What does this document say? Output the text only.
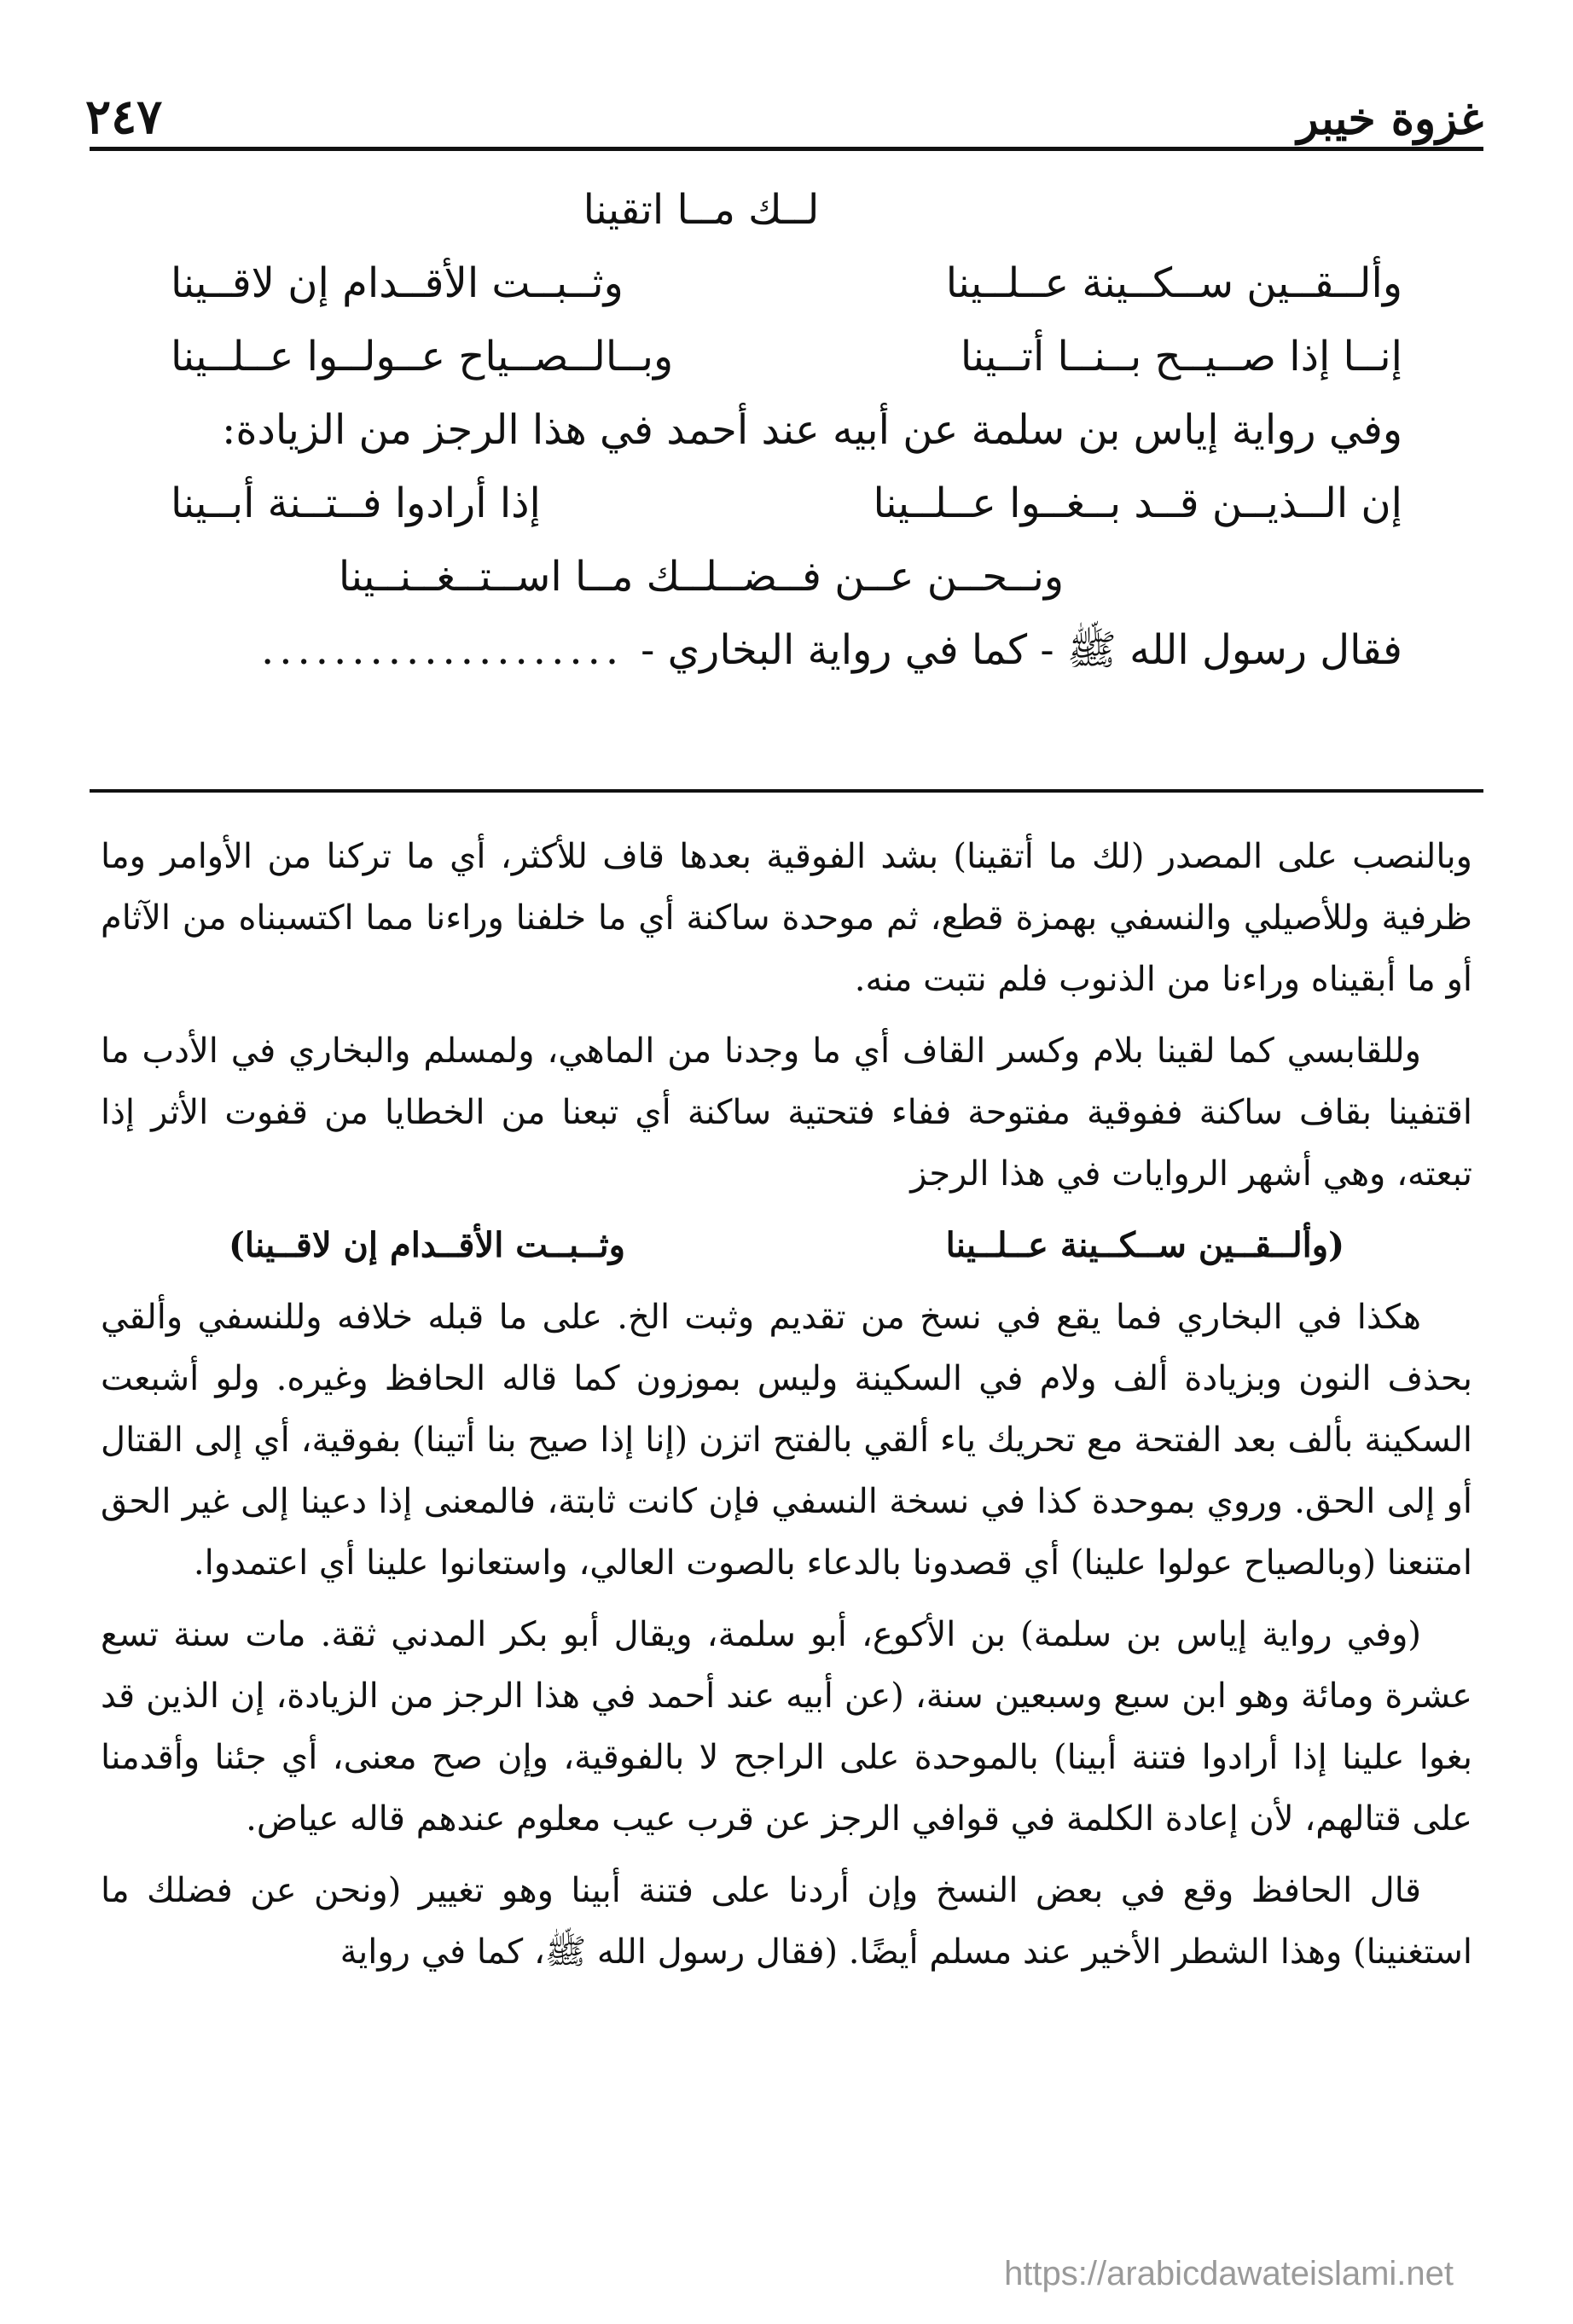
غزوة خيبر
٢٤٧
لــك مــا اتقينا
وألــقــين ســكــينة عــلــينا
وثــبــت الأقــدام إن لاقــينا
إنــا إذا صــيــح بــنــا أتــينا
وبــالــصــياح عــولــوا عــلــينا
وفي رواية إياس بن سلمة عن أبيه عند أحمد في هذا الرجز من الزيادة:
إن الــذيــن قــد بــغــوا عــلــينا
إذا أرادوا فــتــنة أبــينا
ونــحــن عــن فــضــلــك مــا اســتــغــنــينا
فقال رسول الله ﷺ - كما في رواية البخاري -
....................

وبالنصب على المصدر (لك ما أتقينا) بشد الفوقية بعدها قاف للأكثر، أي ما تركنا من الأوامر وما ظرفية وللأصيلي والنسفي بهمزة قطع، ثم موحدة ساكنة أي ما خلفنا وراءنا مما اكتسبناه من الآثام أو ما أبقيناه وراءنا من الذنوب فلم نتبت منه.

وللقابسي كما لقينا بلام وكسر القاف أي ما وجدنا من الماهي، ولمسلم والبخاري في الأدب ما اقتفينا بقاف ساكنة ففوقية مفتوحة ففاء فتحتية ساكنة أي تبعنا من الخطايا من قفوت الأثر إذا تبعته، وهي أشهر الروايات في هذا الرجز

(وألــقــين ســكــينة عــلــينا
وثــبــت الأقــدام إن لاقــينا)

هكذا في البخاري فما يقع في نسخ من تقديم وثبت الخ. على ما قبله خلافه وللنسفي وألقي بحذف النون وبزيادة ألف ولام في السكينة وليس بموزون كما قاله الحافظ وغيره. ولو أشبعت السكينة بألف بعد الفتحة مع تحريك ياء ألقي بالفتح اتزن (إنا إذا صيح بنا أتينا) بفوقية، أي إلى القتال أو إلى الحق. وروي بموحدة كذا في نسخة النسفي فإن كانت ثابتة، فالمعنى إذا دعينا إلى غير الحق امتنعنا (وبالصياح عولوا علينا) أي قصدونا بالدعاء بالصوت العالي، واستعانوا علينا أي اعتمدوا.

(وفي رواية إياس بن سلمة) بن الأكوع، أبو سلمة، ويقال أبو بكر المدني ثقة. مات سنة تسع عشرة ومائة وهو ابن سبع وسبعين سنة، (عن أبيه عند أحمد في هذا الرجز من الزيادة، إن الذين قد بغوا علينا إذا أرادوا فتنة أبينا) بالموحدة على الراجح لا بالفوقية، وإن صح معنى، أي جئنا وأقدمنا على قتالهم، لأن إعادة الكلمة في قوافي الرجز عن قرب عيب معلوم عندهم قاله عياض.

قال الحافظ وقع في بعض النسخ وإن أردنا على فتنة أبينا وهو تغيير (ونحن عن فضلك ما استغنينا) وهذا الشطر الأخير عند مسلم أيضًا. (فقال رسول الله ﷺ، كما في رواية

https://arabicdawateislami.net
